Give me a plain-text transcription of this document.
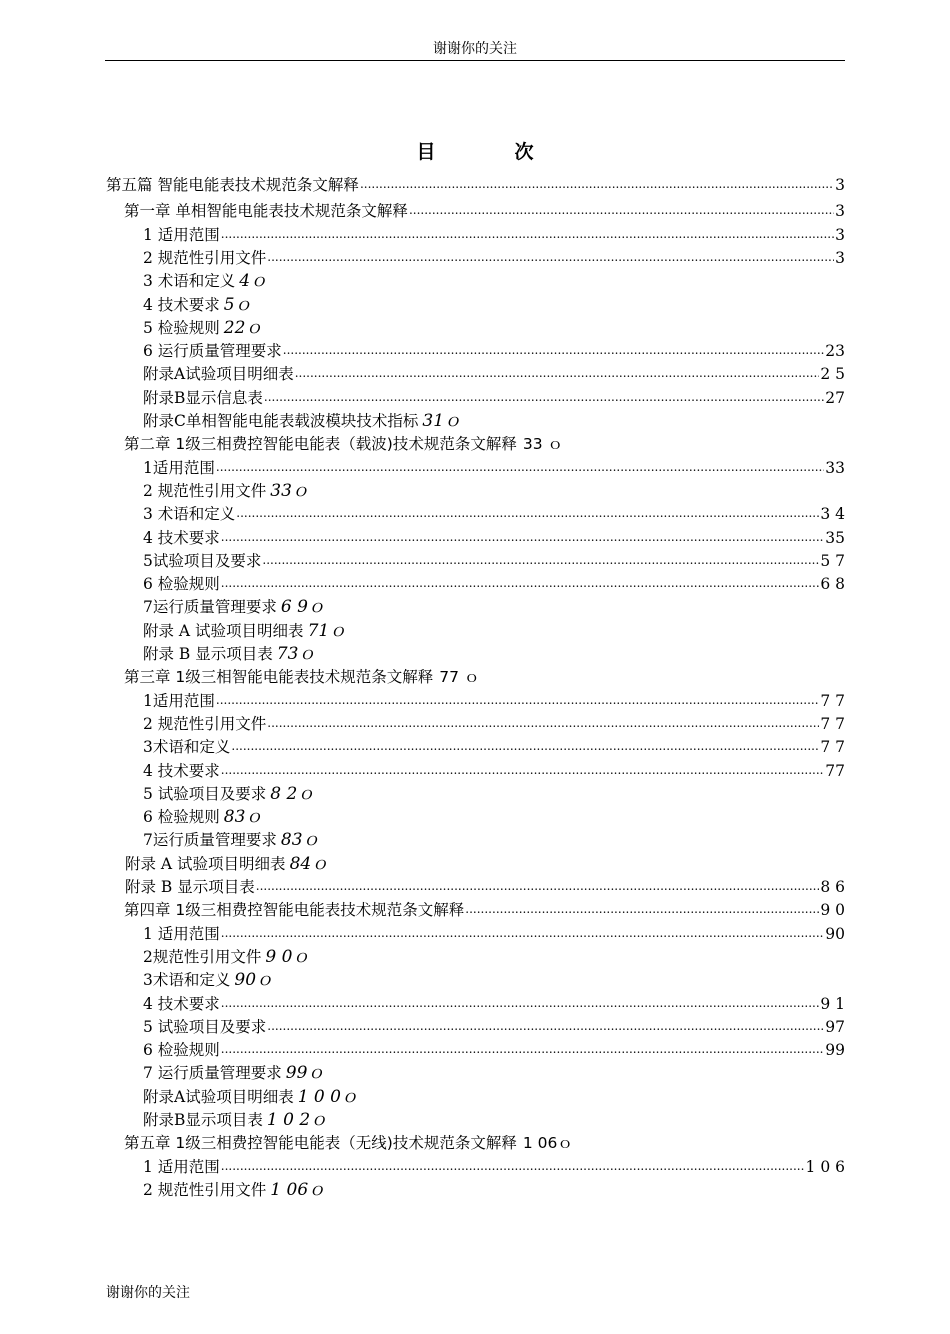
谢谢你的关注
目　次
第五篇 智能电能表技术规范条文解释 .....	3
第一章 单相智能电能表技术规范条文解释 .....	3
1 适用范围 .....	3
2 规范性引用文件 .....	3
3 术语和定义 4ｏ
4 技术要求 5ｏ
5 检验规则 22ｏ
6 运行质量管理要求 .....	23
附录A试验项目明细表 .....	2 5
附录B显示信息表 .....	27
附录C单相智能电能表载波模块技术指标 31ｏ
第二章 1级三相费控智能电能表（载波)技术规范条文解释 33 ｏ
1适用范围 .....	33
2 规范性引用文件 33ｏ
3 术语和定义 .....	3 4
4 技术要求 .....	35
5试验项目及要求 .....	5 7
6 检验规则 .....	6 8
7运行质量管理要求 6 9ｏ
附录 A 试验项目明细表 71ｏ
附录 B 显示项目表 73ｏ
第三章 1级三相智能电能表技术规范条文解释 77 ｏ
1适用范围 .....	7 7
2 规范性引用文件 .....	7 7
3术语和定义 .....	7 7
4 技术要求 .....	77
5 试验项目及要求 8 2ｏ
6 检验规则 83ｏ
7运行质量管理要求 83ｏ
附录 A 试验项目明细表 84ｏ
附录 B 显示项目表 .....	8 6
第四章 1级三相费控智能电能表技术规范条文解释 .....	9 0
1 适用范围 .....	90
2规范性引用文件 9 0ｏ
3术语和定义 90ｏ
4 技术要求 .....	9 1
5 试验项目及要求 .....	97
6 检验规则 .....	99
7 运行质量管理要求 99ｏ
附录A试验项目明细表 1 0 0ｏ
附录B显示项目表 1 0 2ｏ
第五章 1级三相费控智能电能表（无线)技术规范条文解释 1 06ｏ
1 适用范围 .....	1 0 6
2 规范性引用文件 1 06ｏ
谢谢你的关注
